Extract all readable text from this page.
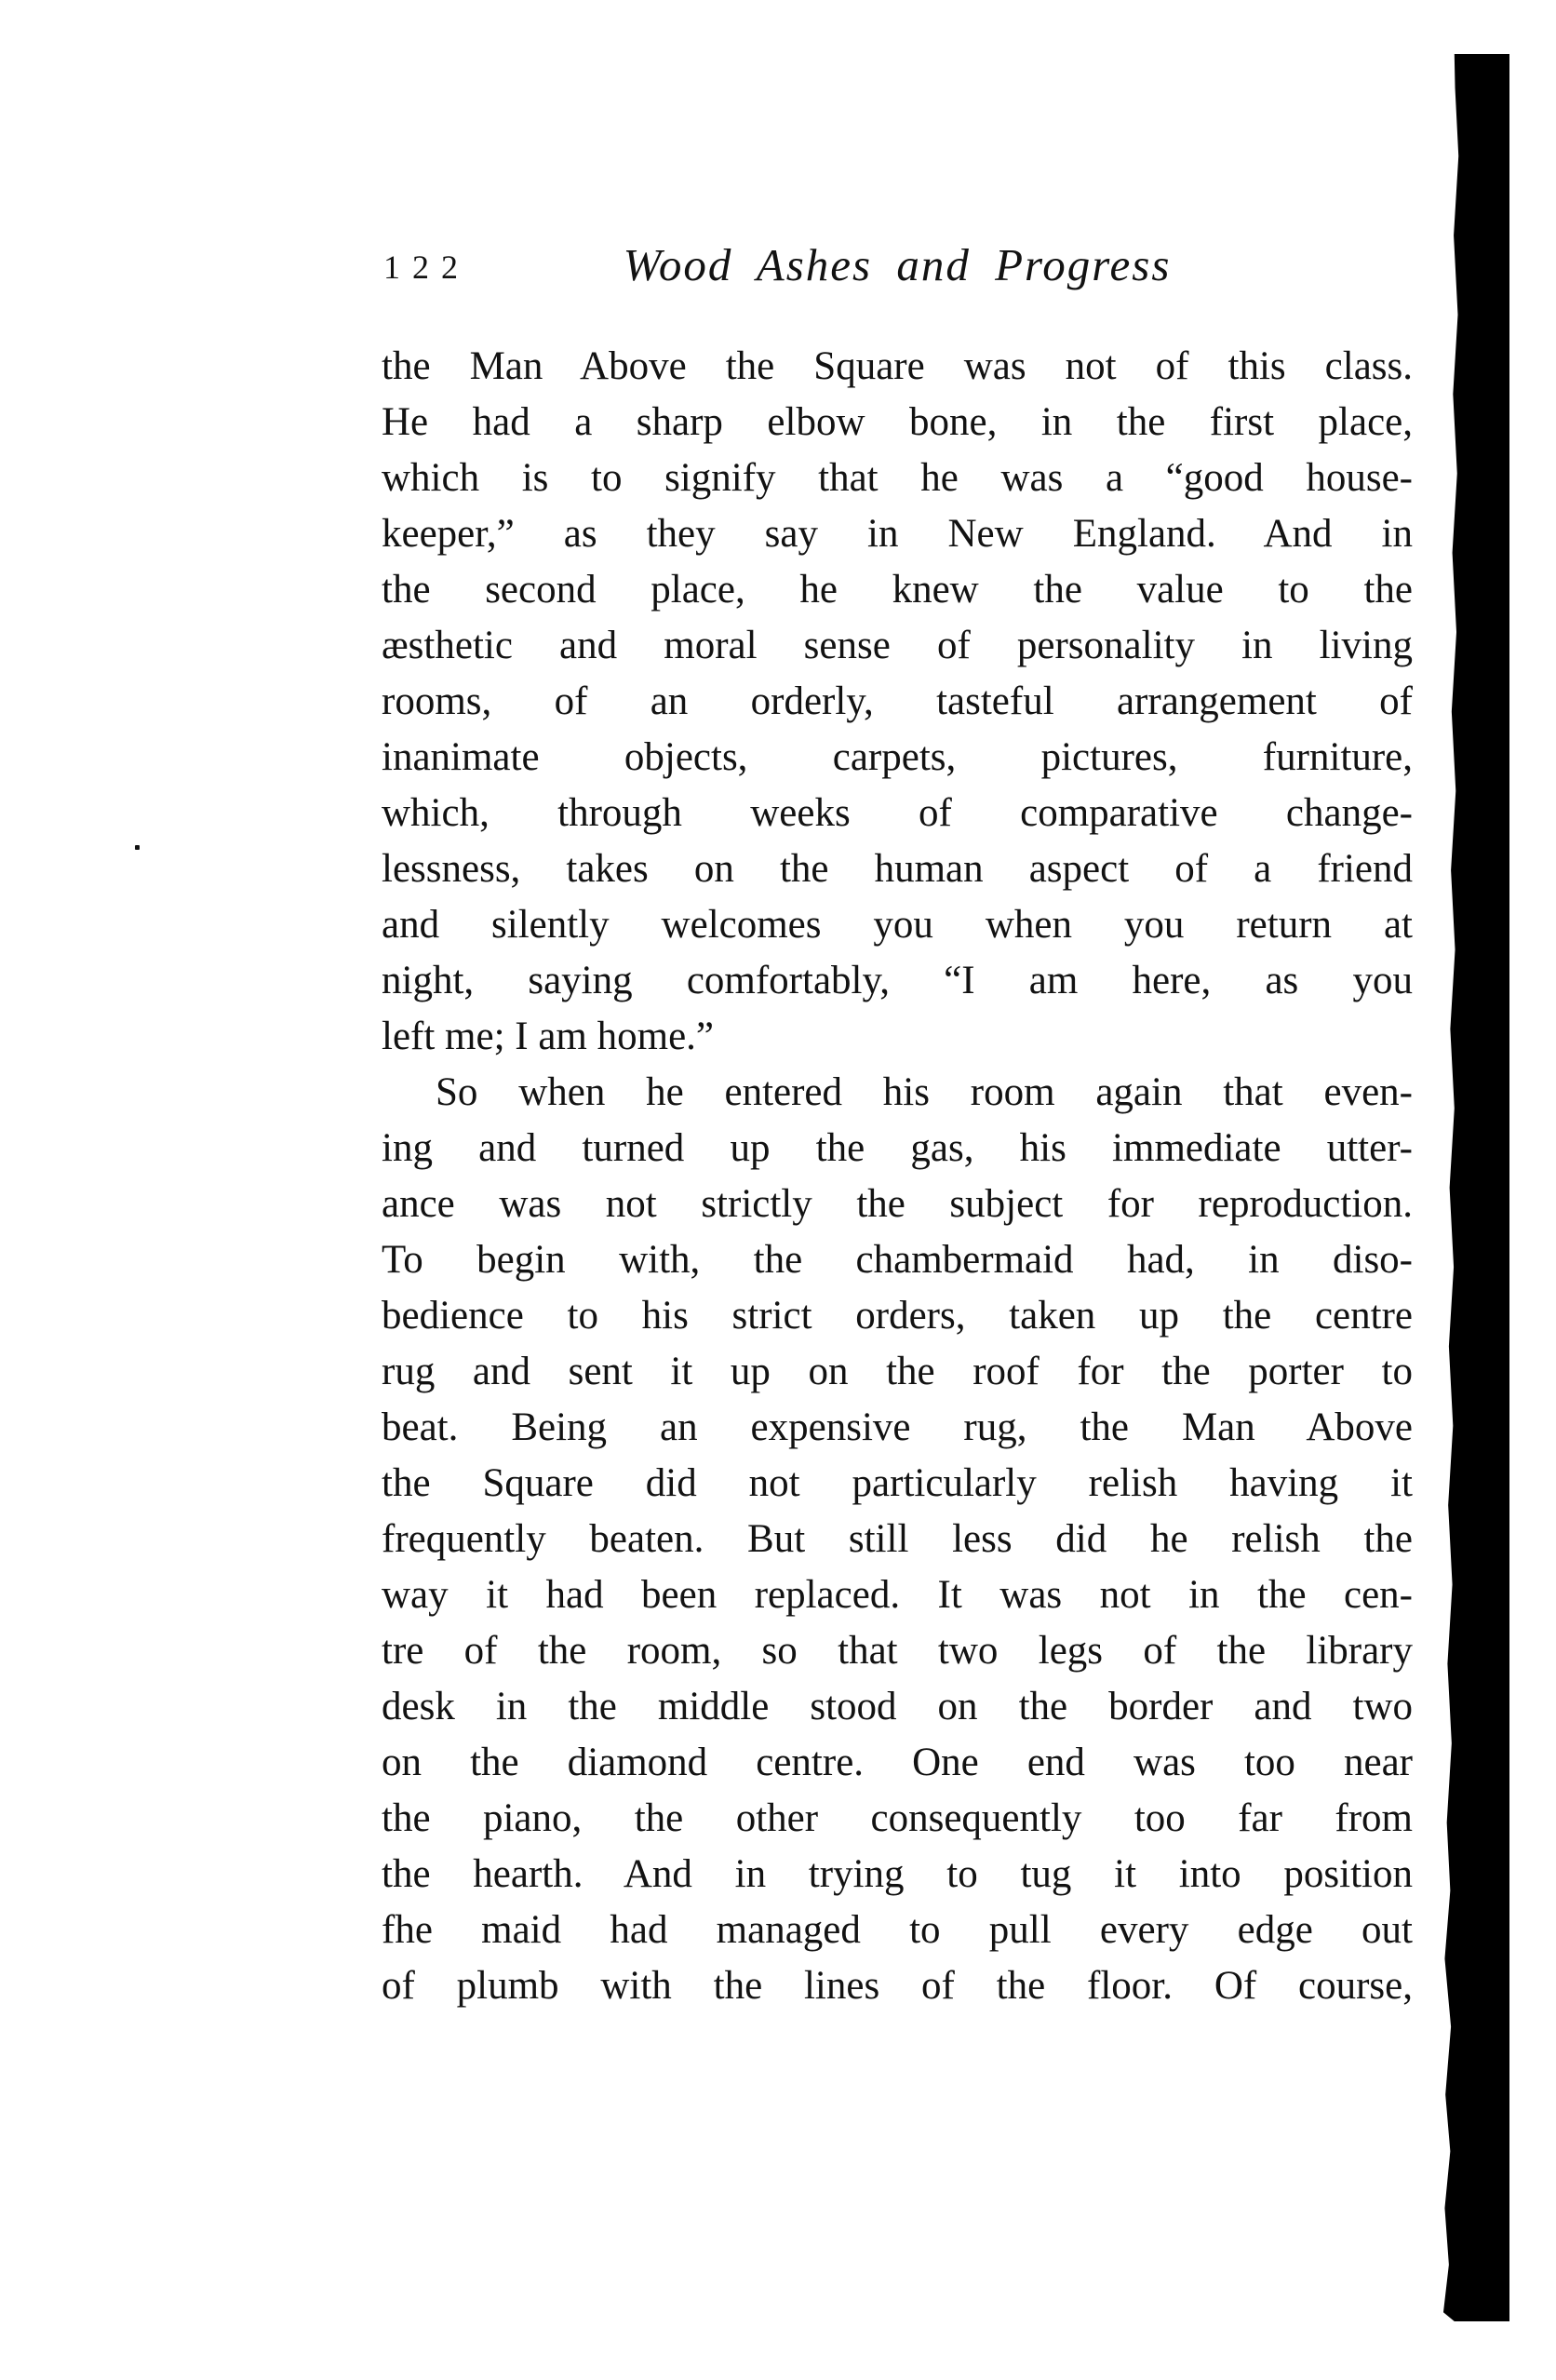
122	Wood Ashes and Progress
the Man Above the Square was not of this class.
He had a sharp elbow bone, in the first place,
which is to signify that he was a “good house-
keeper,” as they say in New England. And in
the second place, he knew the value to the
æsthetic and moral sense of personality in living
rooms, of an orderly, tasteful arrangement of
inanimate objects, carpets, pictures, furniture,
which, through weeks of comparative change-
lessness, takes on the human aspect of a friend
and silently welcomes you when you return at
night, saying comfortably, “I am here, as you
left me; I am home.”
So when he entered his room again that even-
ing and turned up the gas, his immediate utter-
ance was not strictly the subject for reproduction.
To begin with, the chambermaid had, in diso-
bedience to his strict orders, taken up the centre
rug and sent it up on the roof for the porter to
beat. Being an expensive rug, the Man Above
the Square did not particularly relish having it
frequently beaten. But still less did he relish the
way it had been replaced. It was not in the cen-
tre of the room, so that two legs of the library
desk in the middle stood on the border and two
on the diamond centre. One end was too near
the piano, the other consequently too far from
the hearth. And in trying to tug it into position
fhe maid had managed to pull every edge out
of plumb with the lines of the floor. Of course,
